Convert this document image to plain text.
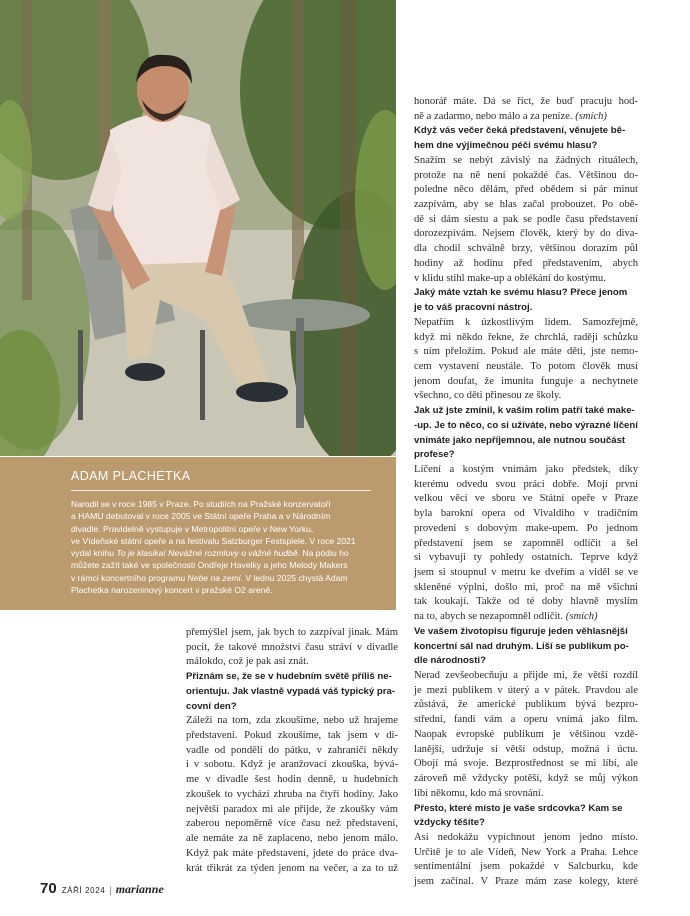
ADAM PLACHETKA
Narodil se v roce 1985 v Praze. Po studiích na Pražské konzervatoři
a HAMU debutoval v roce 2005 ve Státní opeře Praha a v Národním
divadle. Pravidelně vystupuje v Metropolitní opeře v New Yorku,
ve Vídeňské státní opeře a na festivalu Salzburger Festspiele. V roce 2021
vydal knihu To je klasika! Nevážné rozmluvy o vážné hudbě. Na pódiu ho
můžete zažít také ve společnosti Ondřeje Havelky a jeho Melody Makers
v rámci koncertního programu Nebe na zemi. V lednu 2025 chystá Adam
Plachetka narozeninový koncert v pražské O2 areně.
honorář máte. Dá se říct, že buď pracuju hod-
ně a zadarmo, nebo málo a za peníze. (smích)
Když vás večer čeká představení, věnujete bě-
hem dne výjimečnou péči svému hlasu?
Snažím se nebýt závislý na žádných rituálech,
protože na ně není pokaždé čas. Většinou do-
poledne něco dělám, před obědem si pár minut
zazpívám, aby se hlas začal probouzet. Po obě-
dě si dám siestu a pak se podle času představení
dorozezpívám. Nejsem člověk, který by do diva-
dla chodil schválně brzy, většinou dorazím půl
hodiny až hodinu před představením, abych
v klidu stihl make-up a oblékání do kostýmu.
Jaký máte vztah ke svému hlasu? Přece jenom
je to váš pracovní nástroj.
Nepatřím k úzkostlivým lidem. Samozřejmě,
když mi někdo řekne, že chrchlá, raději schůzku
s ním přeložím. Pokud ale máte děti, jste nemo-
cem vystavení neustále. To potom člověk musí
jenom doufat, že imunita funguje a nechytnete
všechno, co děti přinesou ze školy.
Jak už jste zmínil, k vašim rolím patří také make-
-up. Je to něco, co si užíváte, nebo výrazné líčení
vnímáte jako nepříjemnou, ale nutnou součást
profese?
Líčení a kostým vnímám jako předstek, díky
kterému odvedu svou práci dobře. Mojí první
velkou věcí ve sboru ve Státní opeře v Praze
byla barokní opera od Vivaldiho v tradičním
provedení s dobovým make-upem. Po jednom
představení jsem se zapomněl odlíčit a šel
si vybavuji ty pohledy ostatních. Teprve když
jsem si stoupnul v metru ke dveřím a viděl se ve
skleněné výplni, došlo mi, proč na mě všichni
tak koukají. Takže od té doby hlavně myslím
na to, abych se nezapomněl odlíčit. (smích)
Ve vašem životopisu figuruje jeden věhlasnější
koncertní sál nad druhým. Liší se publikum po-
dle národnosti?
Nerad zevšeobecňuju a přijde mi, že větší rozdíl
je mezi publikem v úterý a v pátek. Pravdou ale
zůstává, že americké publikum bývá bezpro-
střední, fandí vám a operu vnímá jako film.
Naopak evropské publikum je většinou vzdě-
lanější, udržuje si větší odstup, možná i úctu.
Obojí má svoje. Bezprostřednost se mi líbí, ale
zároveň mě vždycky potěší, když se můj výkon
líbí někomu, kdo má srovnání.
Přesto, které místo je vaše srdcovka? Kam se
vždycky těšíte?
Asi nedokážu vypíchnout jenom jedno místo.
Určitě je to ale Vídeň, New York a Praha. Lehce
sentimentální jsem pokaždé v Salcburku, kde
jsem začínal. V Praze mám zase kolegy, které
přemýšlel jsem, jak bych to zazpíval jinak. Mám
pocit, že takové množství času stráví v divadle
málokdo, což je pak asi znát.
Přiznám se, že se v hudebním světě příliš ne-
orientuju. Jak vlastně vypadá váš typický pra-
covní den?
Záleží na tom, zda zkoušíme, nebo už hrajeme
představení. Pokud zkoušíme, tak jsem v di-
vadle od pondělí do pátku, v zahraničí někdy
i v sobotu. Když je aranžovací zkouška, bývá-
me v divadle šest hodin denně, u hudebních
zkoušek to vychází zhruba na čtyři hodiny. Jako
největší paradox mi ale přijde, že zkoušky vám
zaberou nepoměrně více času než představení,
ale nemáte za ně zaplaceno, nebo jenom málo.
Když pak máte představení, jdete do práce dva-
krát třikrát za týden jenom na večer, a za to už
70 ZÁŘÍ 2024 | marianne
